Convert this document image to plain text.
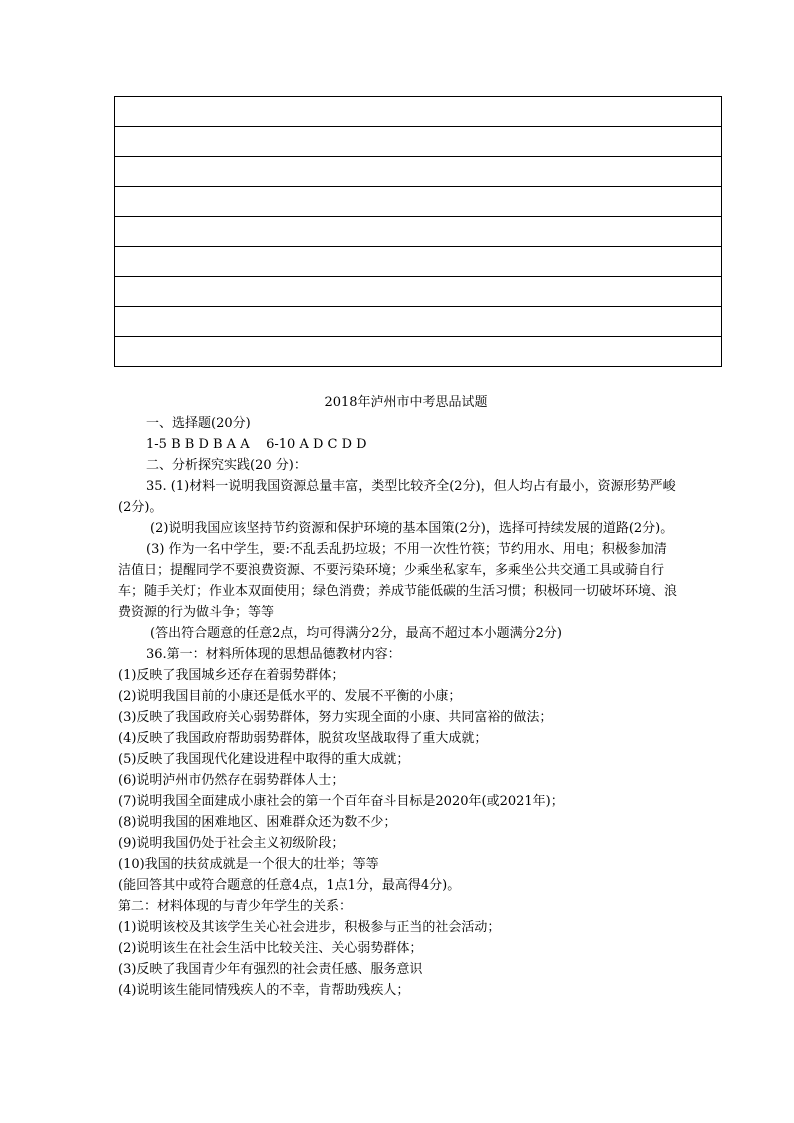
2018年泸州市中考思品试题

一、选择题(20分)

1-5 B B D B A A    6-10 A D C D D

二、分析探究实践(20 分)：

35. (1)材料一说明我国资源总量丰富，类型比较齐全(2分)，但人均占有最小，资源形势严峻(2分)。

(2)说明我国应该坚持节约资源和保护环境的基本国策(2分)，选择可持续发展的道路(2分)。

(3) 作为一名中学生，要:不乱丢乱扔垃圾；不用一次性竹筷；节约用水、用电；积极参加清洁值日；提醒同学不要浪费资源、不要污染环境；少乘坐私家车，多乘坐公共交通工具或骑自行车；随手关灯；作业本双面使用；绿色消费；养成节能低碳的生活习惯；积极同一切破坏环境、浪费资源的行为做斗争；等等

(答出符合题意的任意2点，均可得满分2分，最高不超过本小题满分2分)

36.第一：材料所体现的思想品德教材内容：

(1)反映了我国城乡还存在着弱势群体；

(2)说明我国目前的小康还是低水平的、发展不平衡的小康；

(3)反映了我国政府关心弱势群体，努力实现全面的小康、共同富裕的做法；

(4)反映了我国政府帮助弱势群体，脱贫攻坚战取得了重大成就；

(5)反映了我国现代化建设进程中取得的重大成就；

(6)说明泸州市仍然存在弱势群体人士；

(7)说明我国全面建成小康社会的第一个百年奋斗目标是2020年(或2021年)；

(8)说明我国的困难地区、困难群众还为数不少；

(9)说明我国仍处于社会主义初级阶段；

(10)我国的扶贫成就是一个很大的壮举；等等

(能回答其中或符合题意的任意4点，1点1分，最高得4分)。

第二：材料体现的与青少年学生的关系：

(1)说明该校及其该学生关心社会进步，积极参与正当的社会活动；

(2)说明该生在社会生活中比较关注、关心弱势群体；

(3)反映了我国青少年有强烈的社会责任感、服务意识

(4)说明该生能同情残疾人的不幸，肯帮助残疾人；
